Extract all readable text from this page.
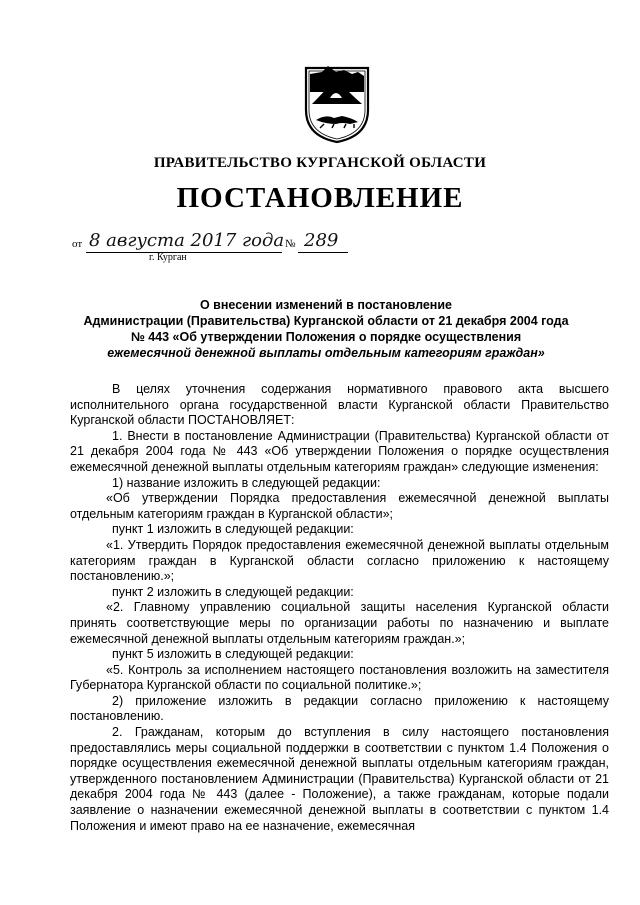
ПРАВИТЕЛЬСТВО КУРГАНСКОЙ ОБЛАСТИ
ПОСТАНОВЛЕНИЕ
от 8 августа 2017 года № 289
г. Курган
О внесении изменений в постановление
Администрации (Правительства) Курганской области от 21 декабря 2004 года
№ 443 «Об утверждении Положения о порядке осуществления
ежемесячной денежной выплаты отдельным категориям граждан»

В целях уточнения содержания нормативного правового акта высшего исполнительного органа государственной власти Курганской области Правительство Курганской области ПОСТАНОВЛЯЕТ:

1. Внести в постановление Администрации (Правительства) Курганской области от 21 декабря 2004 года № 443 «Об утверждении Положения о порядке осуществления ежемесячной денежной выплаты отдельным категориям граждан» следующие изменения:

1) название изложить в следующей редакции:

«Об утверждении Порядка предоставления ежемесячной денежной выплаты отдельным категориям граждан в Курганской области»;

пункт 1 изложить в следующей редакции:

«1. Утвердить Порядок предоставления ежемесячной денежной выплаты отдельным категориям граждан в Курганской области согласно приложению к настоящему постановлению.»;

пункт 2 изложить в следующей редакции:

«2. Главному управлению социальной защиты населения Курганской области принять соответствующие меры по организации работы по назначению и выплате ежемесячной денежной выплаты отдельным категориям граждан.»;

пункт 5 изложить в следующей редакции:

«5. Контроль за исполнением настоящего постановления возложить на заместителя Губернатора Курганской области по социальной политике.»;

2) приложение изложить в редакции согласно приложению к настоящему постановлению.

2. Гражданам, которым до вступления в силу настоящего постановления предоставлялись меры социальной поддержки в соответствии с пунктом 1.4 Положения о порядке осуществления ежемесячной денежной выплаты отдельным категориям граждан, утвержденного постановлением Администрации (Правительства) Курганской области от 21 декабря 2004 года № 443 (далее - Положение), а также гражданам, которые подали заявление о назначении ежемесячной денежной выплаты в соответствии с пунктом 1.4 Положения и имеют право на ее назначение, ежемесячная
